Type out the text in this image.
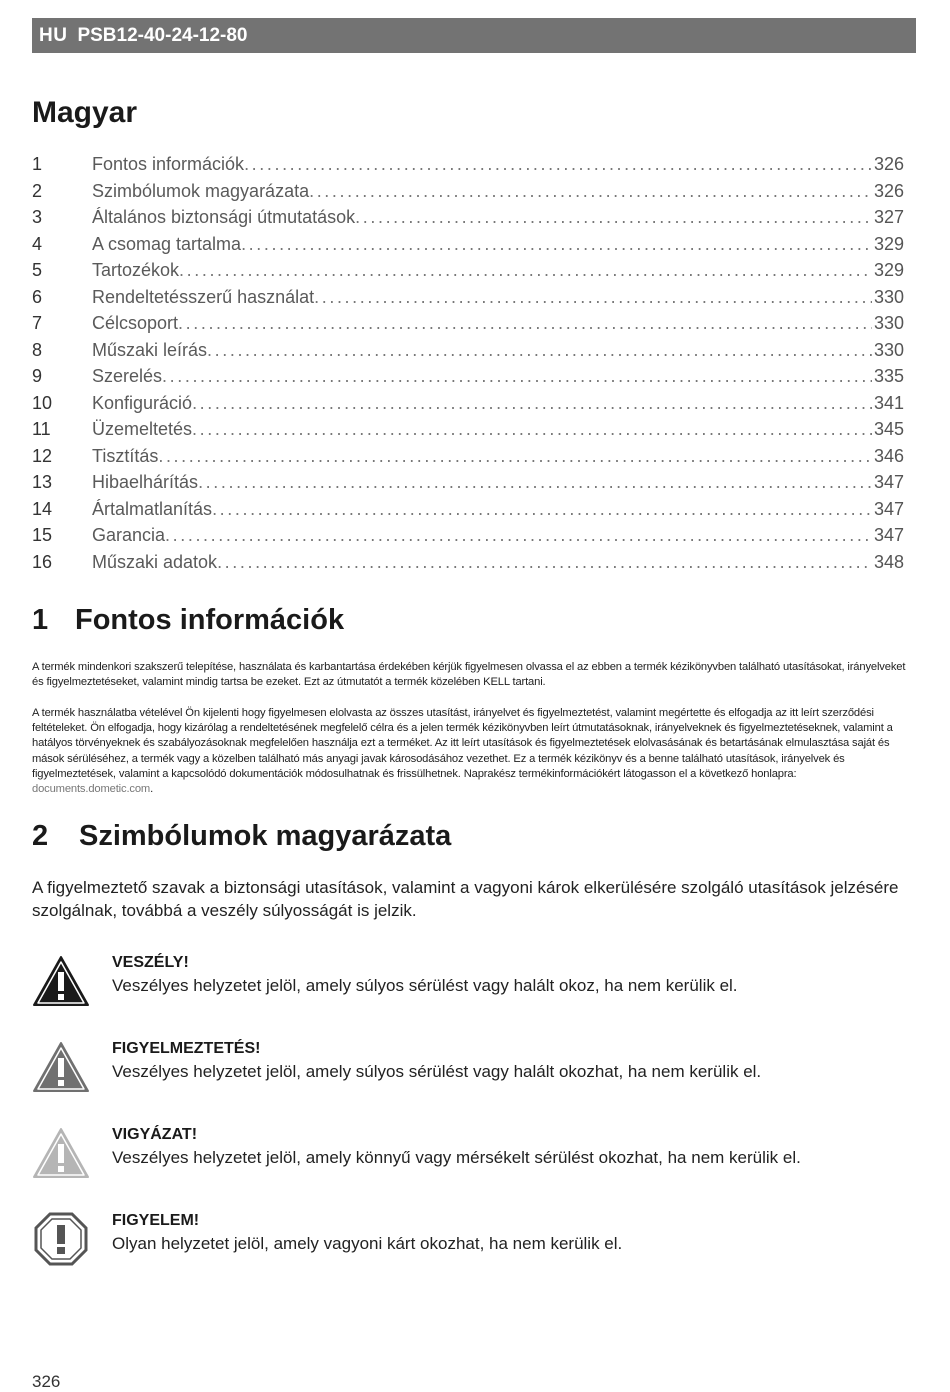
HU PSB12-40-24-12-80
Magyar
1	Fontos információk . . .	326
2	Szimbólumok magyarázata . . .	326
3	Általános biztonsági útmutatások . . .	327
4	A csomag tartalma . . .	329
5	Tartozékok . . .	329
6	Rendeltetésszerű használat . . .	330
7	Célcsoport . . .	330
8	Műszaki leírás . . .	330
9	Szerelés . . .	335
10	Konfiguráció . . .	341
11	Üzemeltetés . . .	345
12	Tisztítás . . .	346
13	Hibaelhárítás . . .	347
14	Ártalmatlanítás . . .	347
15	Garancia . . .	347
16	Műszaki adatok . . .	348
1 Fontos információk

A termék mindenkori szakszerű telepítése, használata és karbantartása érdekében kérjük figyelmesen olvassa el az ebben a termék kézikönyvben található utasításokat, irányelveket és figyelmeztetéseket, valamint mindig tartsa be ezeket. Ezt az útmutatót a termék közelében KELL tartani.

A termék használatba vételével Ön kijelenti hogy figyelmesen elolvasta az összes utasítást, irányelvet és figyelmeztetést, valamint megértette és elfogadja az itt leírt szerződési feltételeket. Ön elfogadja, hogy kizárólag a rendeltetésének megfelelő célra és a jelen termék kézikönyvben leírt útmutatásoknak, irányelveknek és figyelmeztetéseknek, valamint a hatályos törvényeknek és szabályozásoknak megfelelően használja ezt a terméket. Az itt leírt utasítások és figyelmeztetések elolvasásának és betartásának elmulasztása saját és mások sérüléséhez, a termék vagy a közelben található más anyagi javak károsodásához vezethet. Ez a termék kézikönyv és a benne található utasítások, irányelvek és figyelmeztetések, valamint a kapcsolódó dokumentációk módosulhatnak és frissülhetnek. Naprakész termékinformációkért látogasson el a következő honlapra:
documents.dometic.com.

2 Szimbólumok magyarázata

A figyelmeztető szavak a biztonsági utasítások, valamint a vagyoni károk elkerülésére szolgáló utasítások jelzésére szolgálnak, továbbá a veszély súlyosságát is jelzik.

VESZÉLY!
Veszélyes helyzetet jelöl, amely súlyos sérülést vagy halált okoz, ha nem kerülik el.
FIGYELMEZTETÉS!
Veszélyes helyzetet jelöl, amely súlyos sérülést vagy halált okozhat, ha nem kerülik el.
VIGYÁZAT!
Veszélyes helyzetet jelöl, amely könnyű vagy mérsékelt sérülést okozhat, ha nem kerülik el.
FIGYELEM!
Olyan helyzetet jelöl, amely vagyoni kárt okozhat, ha nem kerülik el.
326
